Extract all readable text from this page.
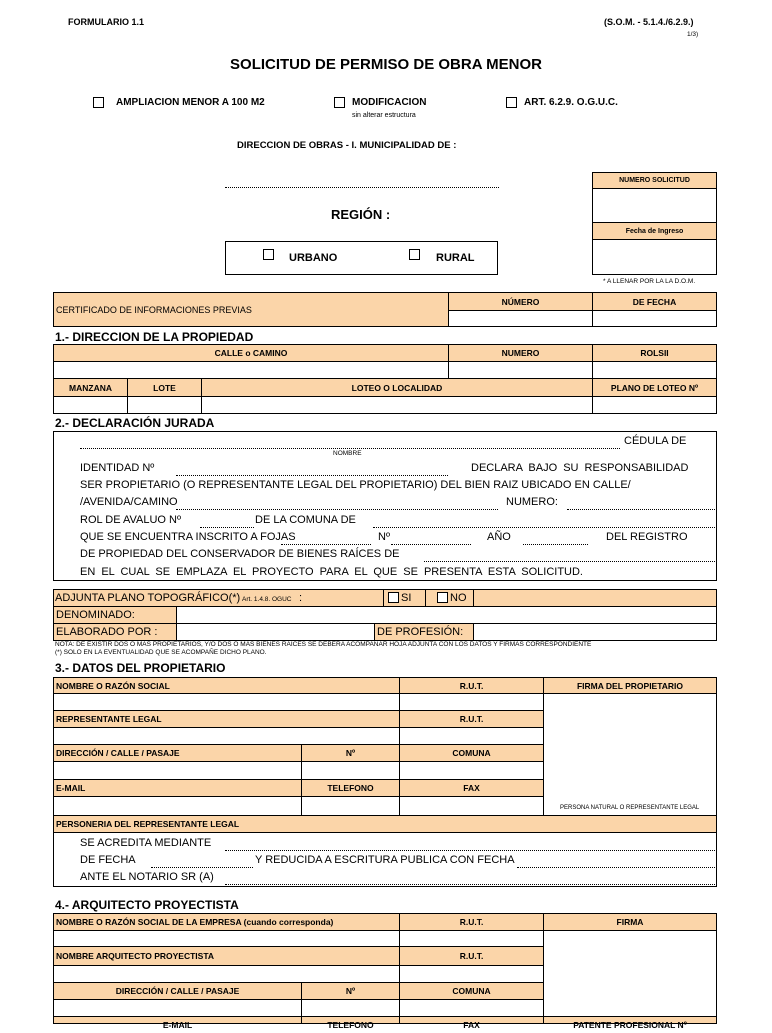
FORMULARIO 1.1	(S.O.M. - 5.1.4./6.2.9.)
1/3)
SOLICITUD DE PERMISO DE OBRA MENOR
AMPLIACION MENOR A 100 M2	MODIFICACION
sin alterar estructura
ART. 6.2.9. O.G.U.C.
DIRECCION DE OBRAS - I. MUNICIPALIDAD DE :
REGIÓN :
URBANO	RURAL
NUMERO SOLICITUD
Fecha de Ingreso
* A LLENAR POR LA LA D.O.M.
CERTIFICADO DE INFORMACIONES PREVIAS
NÚMERO	DE FECHA
1.- DIRECCION DE LA PROPIEDAD
CALLE o CAMINO	NUMERO	ROLSII
MANZANA	LOTE	LOTEO O LOCALIDAD	PLANO DE LOTEO Nº
2.- DECLARACIÓN JURADA
CÉDULA DE
NOMBRE
IDENTIDAD Nº	DECLARA BAJO SU RESPONSABILIDAD
SER PROPIETARIO (O REPRESENTANTE LEGAL DEL PROPIETARIO) DEL BIEN RAIZ UBICADO EN CALLE/
/AVENIDA/CAMINO	NUMERO:
ROL DE AVALUO Nº	DE LA COMUNA DE
QUE SE ENCUENTRA INSCRITO A FOJAS	Nº	AÑO	DEL REGISTRO
DE PROPIEDAD DEL CONSERVADOR DE BIENES RAÍCES DE
EN EL CUAL SE EMPLAZA EL PROYECTO PARA EL QUE SE PRESENTA ESTA SOLICITUD.
ADJUNTA PLANO TOPOGRÁFICO(*) Art. 1.4.8. OGUC :	SI	NO
DENOMINADO:
ELABORADO POR :	DE PROFESIÓN:
NOTA: DE EXISTIR DOS O MAS PROPIETARIOS, Y/O DOS O MAS BIENES RAICES SE DEBERA ACOMPAÑAR HOJA ADJUNTA CON LOS DATOS Y FIRMAS CORRESPONDIENTE
(*) SOLO EN LA EVENTUALIDAD QUE SE ACOMPAÑE DICHO PLANO.
3.- DATOS DEL PROPIETARIO
NOMBRE O RAZÓN SOCIAL	R.U.T.	FIRMA DEL PROPIETARIO
PERSONA NATURAL O REPRESENTANTE LEGAL
REPRESENTANTE LEGAL	R.U.T.
DIRECCIÓN / CALLE / PASAJE	Nº	COMUNA
E-MAIL	TELEFONO	FAX
PERSONERIA DEL REPRESENTANTE LEGAL
SE ACREDITA MEDIANTE
DE FECHA	Y REDUCIDA A ESCRITURA PUBLICA CON FECHA
ANTE EL NOTARIO SR (A)
4.- ARQUITECTO PROYECTISTA
NOMBRE O RAZÓN SOCIAL DE LA EMPRESA (cuando corresponda)	R.U.T.	FIRMA
NOMBRE ARQUITECTO PROYECTISTA	R.U.T.
DIRECCIÓN / CALLE / PASAJE	Nº	COMUNA
E-MAIL	TELEFONO	FAX	PATENTE PROFESIONAL Nº
